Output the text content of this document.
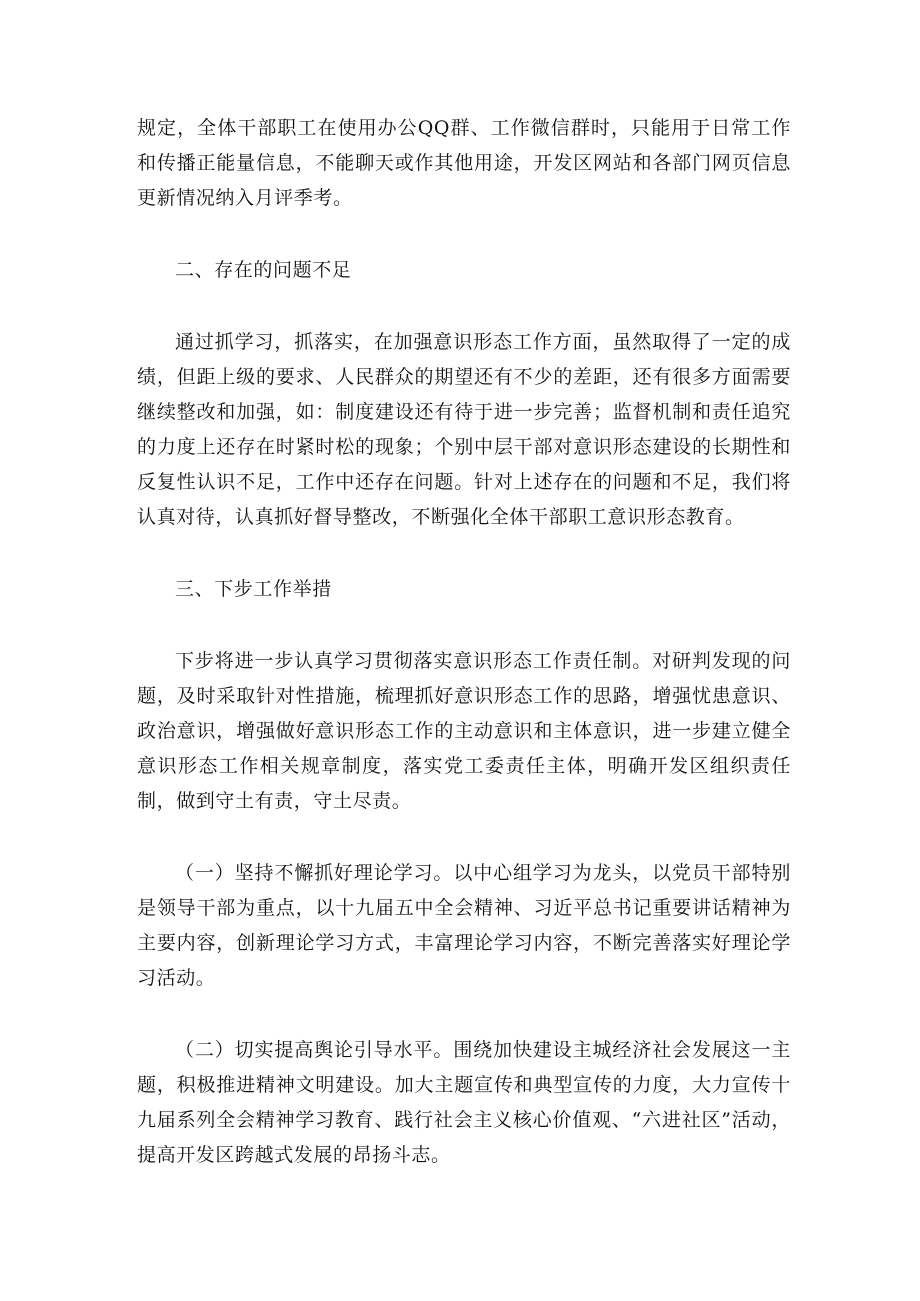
规定，全体干部职工在使用办公QQ群、工作微信群时，只能用于日常工作和传播正能量信息，不能聊天或作其他用途，开发区网站和各部门网页信息更新情况纳入月评季考。

二、存在的问题不足

通过抓学习，抓落实，在加强意识形态工作方面，虽然取得了一定的成绩，但距上级的要求、人民群众的期望还有不少的差距，还有很多方面需要继续整改和加强，如：制度建设还有待于进一步完善；监督机制和责任追究的力度上还存在时紧时松的现象；个别中层干部对意识形态建设的长期性和反复性认识不足，工作中还存在问题。针对上述存在的问题和不足，我们将认真对待，认真抓好督导整改，不断强化全体干部职工意识形态教育。

三、下步工作举措

下步将进一步认真学习贯彻落实意识形态工作责任制。对研判发现的问题，及时采取针对性措施，梳理抓好意识形态工作的思路，增强忧患意识、政治意识，增强做好意识形态工作的主动意识和主体意识，进一步建立健全意识形态工作相关规章制度，落实党工委责任主体，明确开发区组织责任制，做到守土有责，守土尽责。

（一）坚持不懈抓好理论学习。以中心组学习为龙头，以党员干部特别是领导干部为重点，以十九届五中全会精神、习近平总书记重要讲话精神为主要内容，创新理论学习方式，丰富理论学习内容，不断完善落实好理论学习活动。

（二）切实提高舆论引导水平。围绕加快建设主城经济社会发展这一主题，积极推进精神文明建设。加大主题宣传和典型宣传的力度，大力宣传十九届系列全会精神学习教育、践行社会主义核心价值观、“六进社区”活动，提高开发区跨越式发展的昂扬斗志。
